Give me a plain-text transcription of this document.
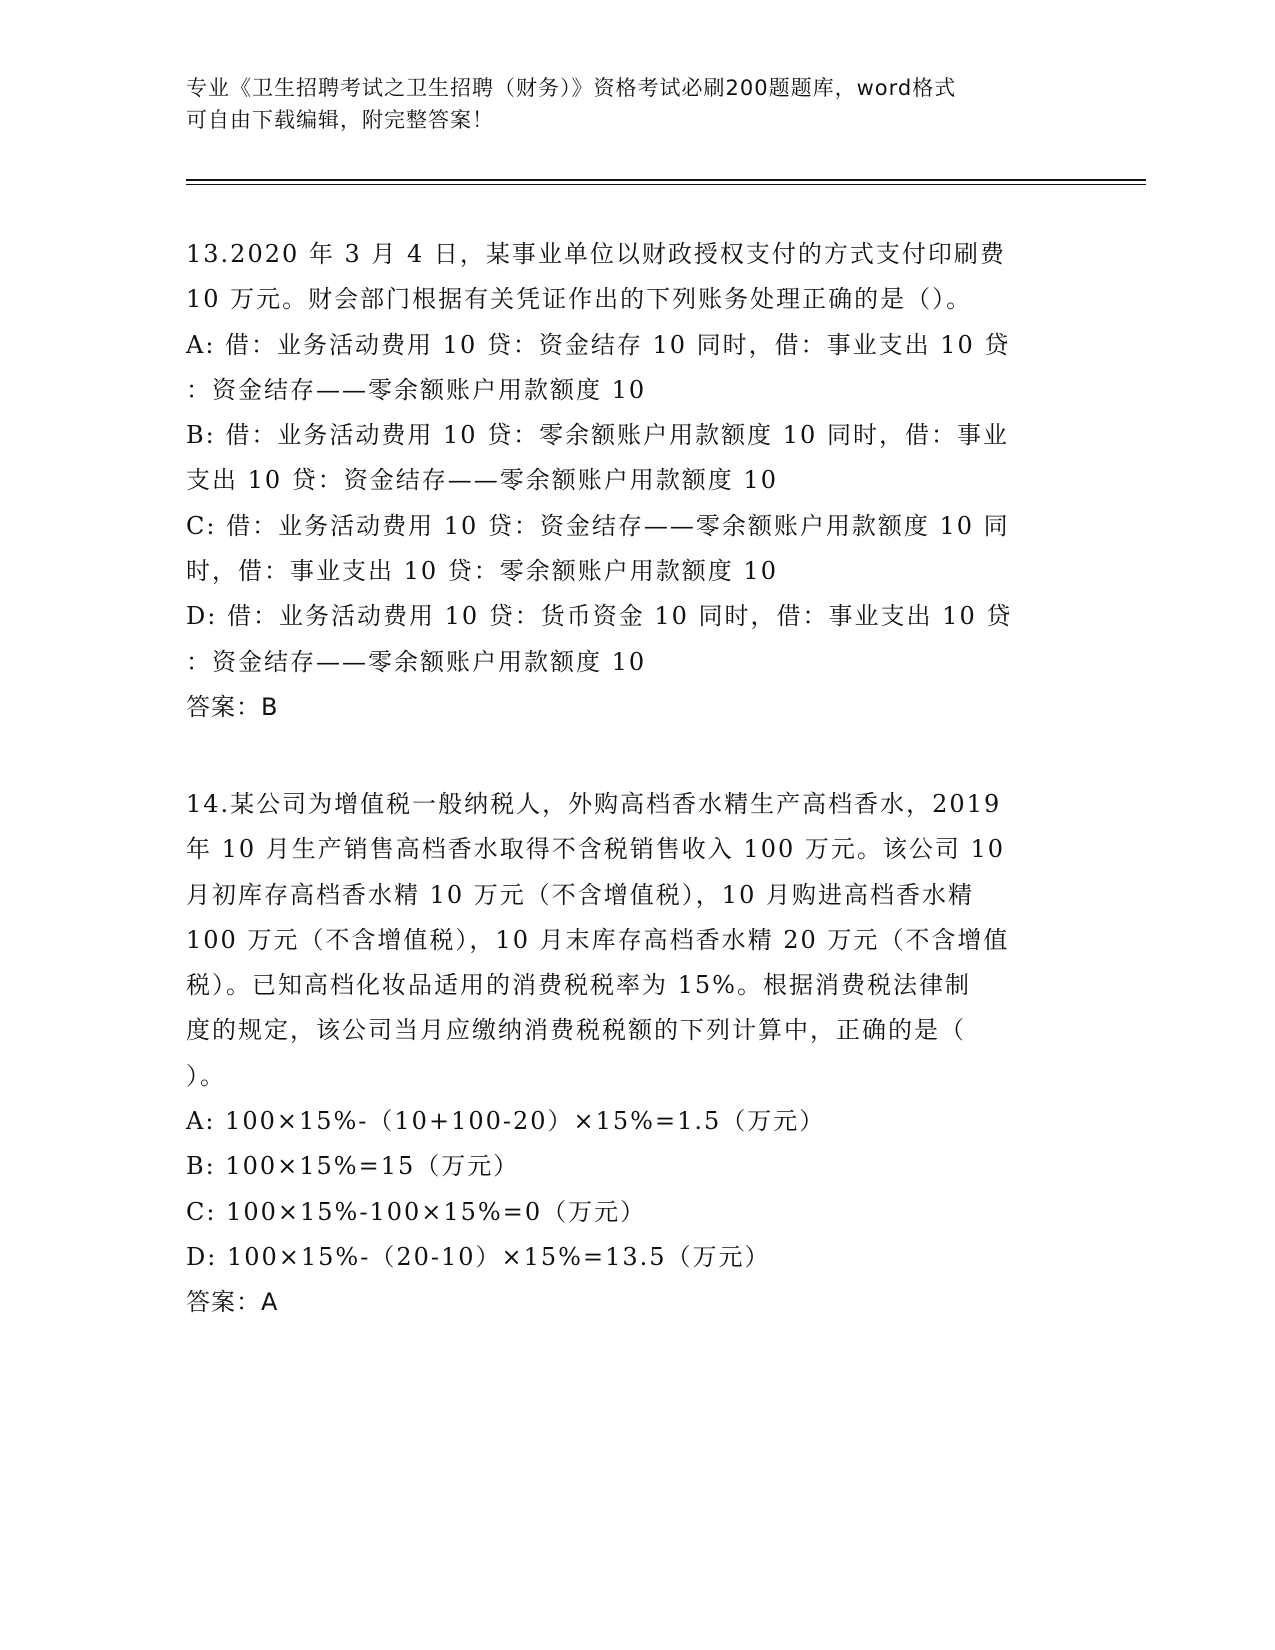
专业《卫生招聘考试之卫生招聘（财务）》资格考试必刷200题题库，word格式

可自由下载编辑，附完整答案！

13.2020 年 3 月 4 日，某事业单位以财政授权支付的方式支付印刷费

10 万元。财会部门根据有关凭证作出的下列账务处理正确的是（）。

A: 借：业务活动费用 10 贷：资金结存 10 同时，借：事业支出 10 贷

：资金结存——零余额账户用款额度 10

B: 借：业务活动费用 10 贷：零余额账户用款额度 10 同时，借：事业

支出 10 贷：资金结存——零余额账户用款额度 10

C: 借：业务活动费用 10 贷：资金结存——零余额账户用款额度 10 同

时，借：事业支出 10 贷：零余额账户用款额度 10

D: 借：业务活动费用 10 贷：货币资金 10 同时，借：事业支出 10 贷

：资金结存——零余额账户用款额度 10

答案：B

14.某公司为增值税一般纳税人，外购高档香水精生产高档香水，2019

年 10 月生产销售高档香水取得不含税销售收入 100 万元。该公司 10

月初库存高档香水精 10 万元（不含增值税），10 月购进高档香水精

100 万元（不含增值税），10 月末库存高档香水精 20 万元（不含增值

税）。已知高档化妆品适用的消费税税率为 15%。根据消费税法律制

度的规定，该公司当月应缴纳消费税税额的下列计算中，正确的是（

）。

A: 100×15%-（10+100-20）×15%=1.5（万元）

B: 100×15%=15（万元）

C: 100×15%-100×15%=0（万元）

D: 100×15%-（20-10）×15%=13.5（万元）

答案：A
